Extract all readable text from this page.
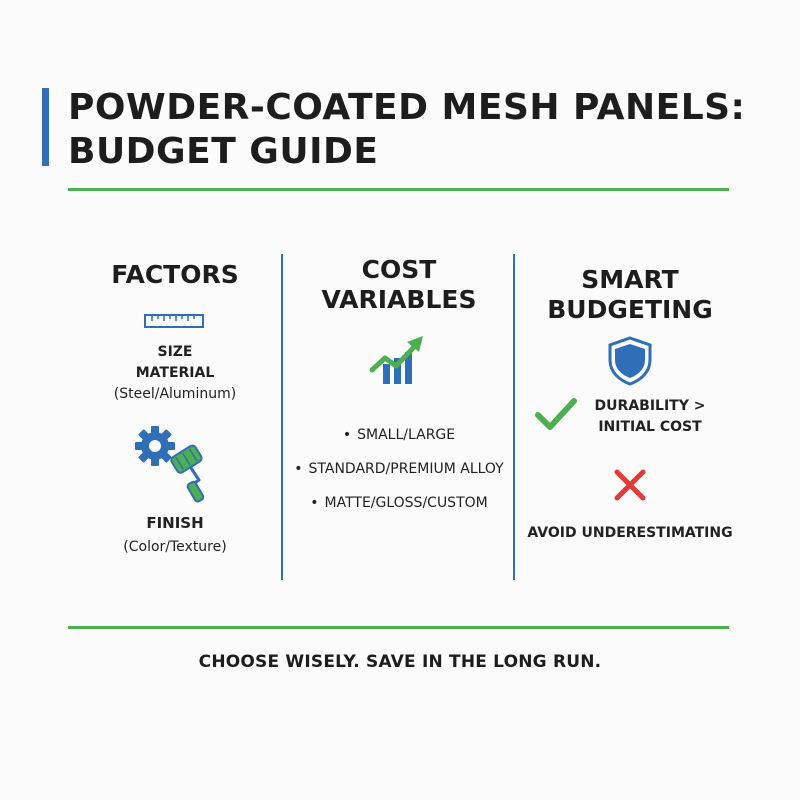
POWDER-COATED MESH PANELS:
BUDGET GUIDE
FACTORS
SIZE
MATERIAL
(Steel/Aluminum)
FINISH
(Color/Texture)
COST
VARIABLES
• SMALL/LARGE
• STANDARD/PREMIUM ALLOY
• MATTE/GLOSS/CUSTOM
SMART
BUDGETING
DURABILITY >
INITIAL COST
AVOID UNDERESTIMATING
CHOOSE WISELY. SAVE IN THE LONG RUN.
